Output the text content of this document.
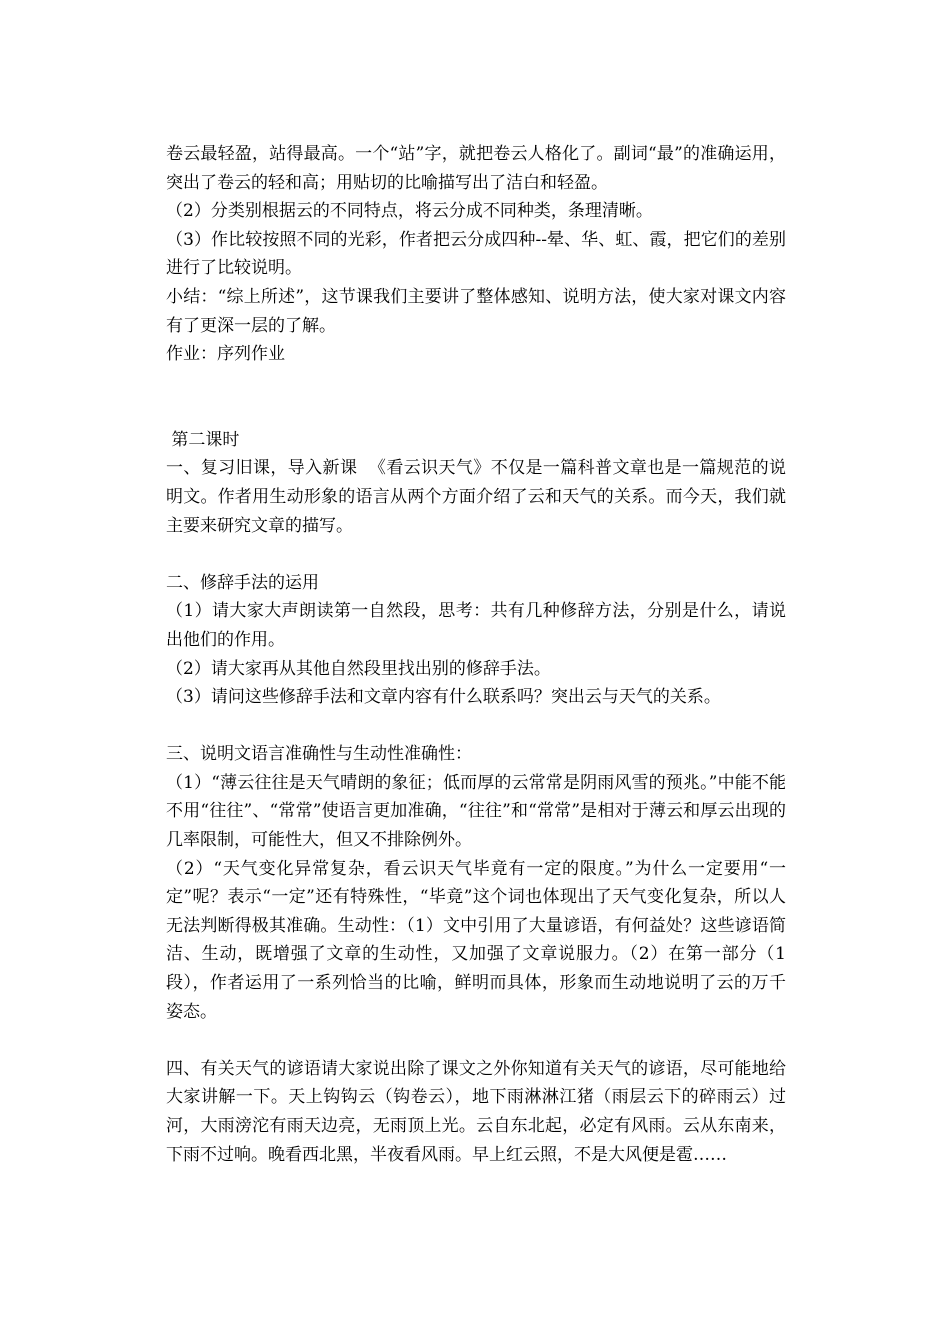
卷云最轻盈，站得最高。一个“站”字，就把卷云人格化了。副词“最”的准确运用，突出了卷云的轻和高；用贴切的比喻描写出了洁白和轻盈。

（2）分类别根据云的不同特点，将云分成不同种类，条理清晰。

（3）作比较按照不同的光彩，作者把云分成四种--晕、华、虹、霞，把它们的差别进行了比较说明。

小结：“综上所述”，这节课我们主要讲了整体感知、说明方法，使大家对课文内容有了更深一层的了解。

作业：序列作业

第二课时

一、复习旧课，导入新课  《看云识天气》不仅是一篇科普文章也是一篇规范的说明文。作者用生动形象的语言从两个方面介绍了云和天气的关系。而今天，我们就主要来研究文章的描写。

二、修辞手法的运用

（1）请大家大声朗读第一自然段，思考：共有几种修辞方法，分别是什么，请说出他们的作用。

（2）请大家再从其他自然段里找出别的修辞手法。

（3）请问这些修辞手法和文章内容有什么联系吗？突出云与天气的关系。

三、说明文语言准确性与生动性准确性：

（1）“薄云往往是天气晴朗的象征；低而厚的云常常是阴雨风雪的预兆。”中能不能不用“往往”、“常常”使语言更加准确，“往往”和“常常”是相对于薄云和厚云出现的几率限制，可能性大，但又不排除例外。

（2）“天气变化异常复杂，看云识天气毕竟有一定的限度。”为什么一定要用“一定”呢？表示“一定”还有特殊性，“毕竟”这个词也体现出了天气变化复杂，所以人无法判断得极其准确。生动性：（1）文中引用了大量谚语，有何益处？这些谚语简洁、生动，既增强了文章的生动性，又加强了文章说服力。（2）在第一部分（1段），作者运用了一系列恰当的比喻，鲜明而具体，形象而生动地说明了云的万千姿态。

四、有关天气的谚语请大家说出除了课文之外你知道有关天气的谚语，尽可能地给大家讲解一下。天上钩钩云（钩卷云），地下雨淋淋江猪（雨层云下的碎雨云）过河，大雨滂沱有雨天边亮，无雨顶上光。云自东北起，必定有风雨。云从东南来，下雨不过响。晚看西北黑，半夜看风雨。早上红云照，不是大风便是雹……
